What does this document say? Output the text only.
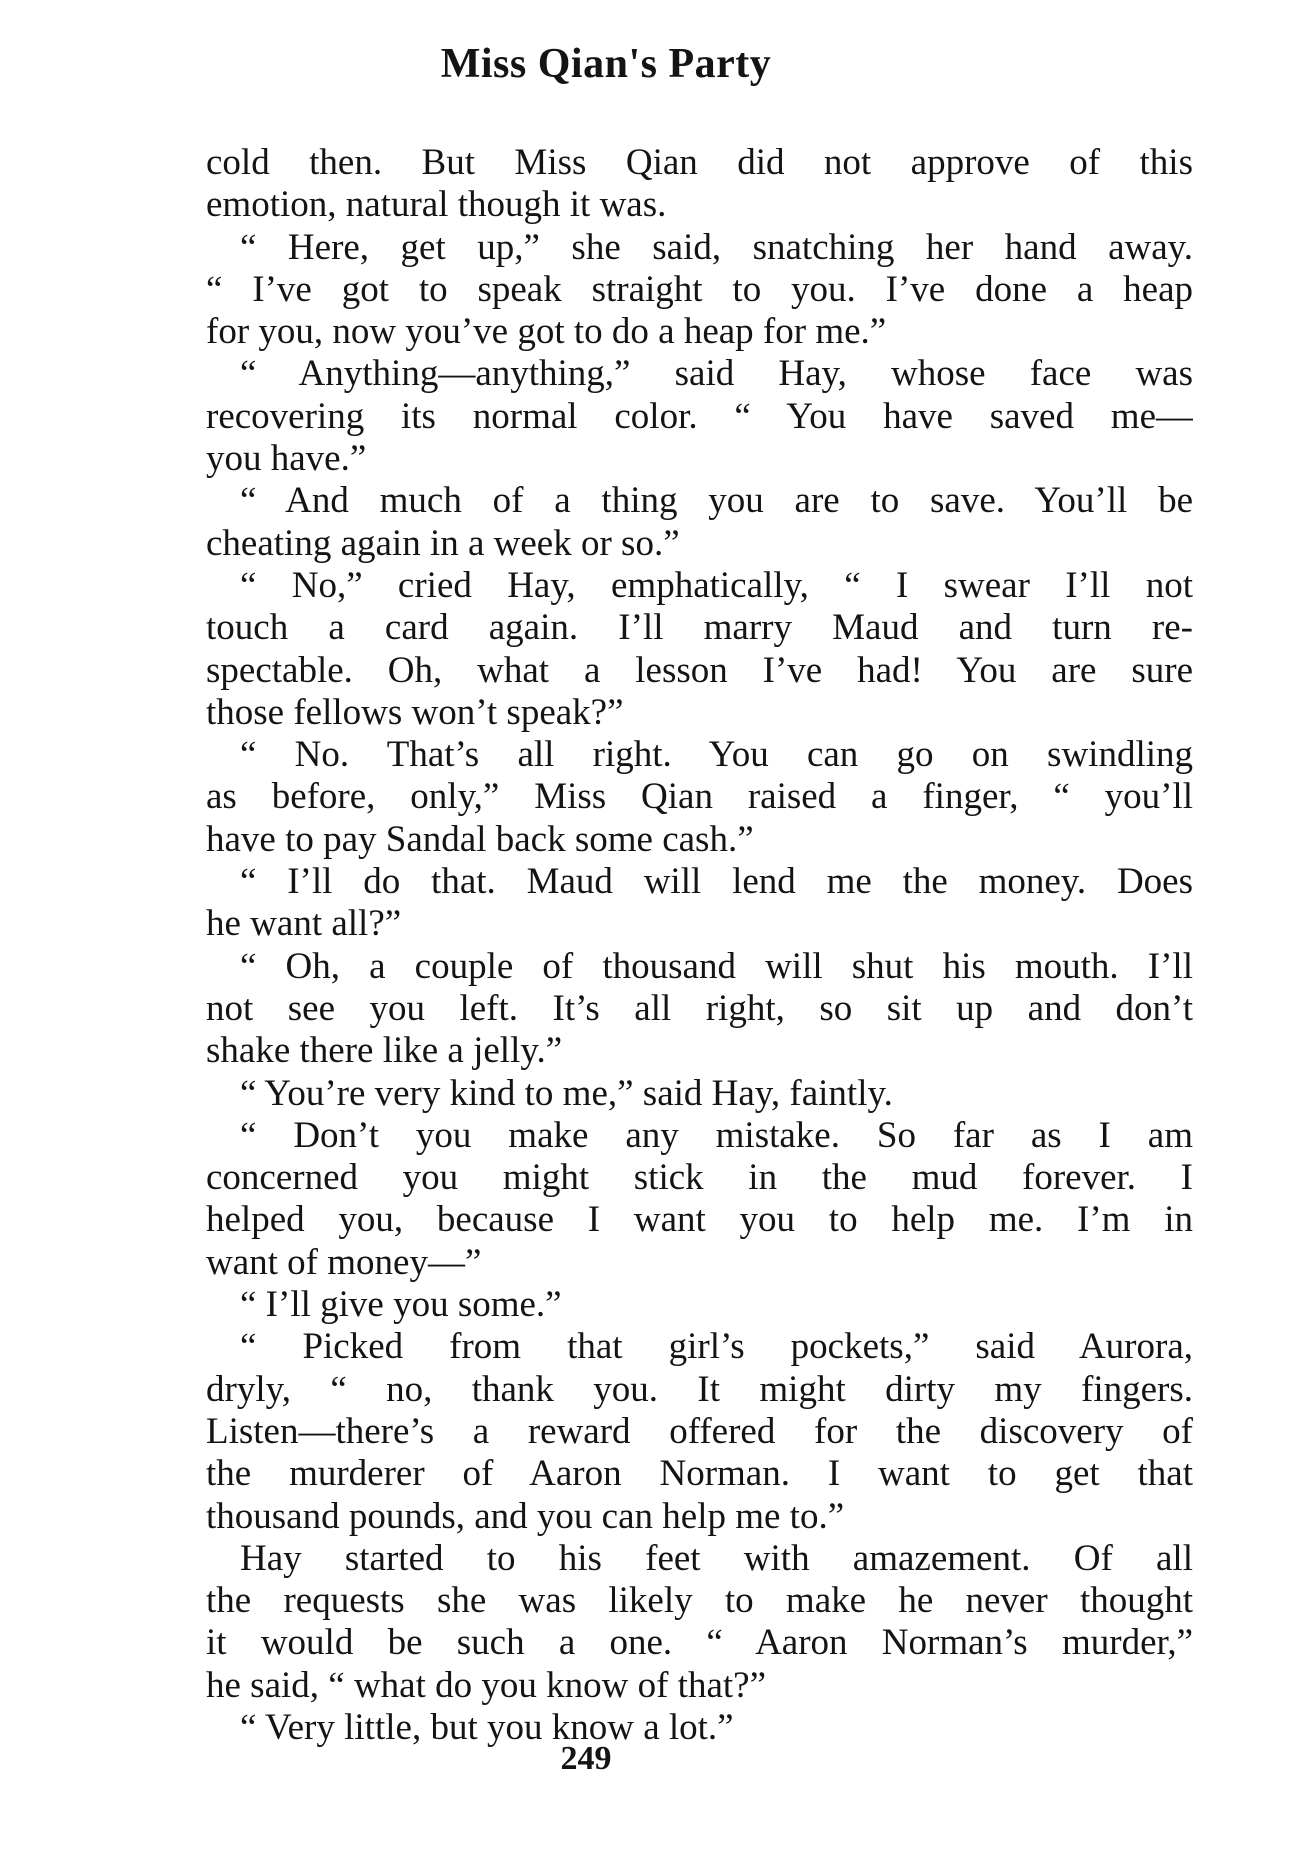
Miss Qian's Party
cold then. But Miss Qian did not approve of this
emotion, natural though it was.
“ Here, get up,” she said, snatching her hand away.
“ I’ve got to speak straight to you. I’ve done a heap
for you, now you’ve got to do a heap for me.”
“ Anything—anything,” said Hay, whose face was
recovering its normal color. “ You have saved me—
you have.”
“ And much of a thing you are to save. You’ll be
cheating again in a week or so.”
“ No,” cried Hay, emphatically, “ I swear I’ll not
touch a card again. I’ll marry Maud and turn re-
spectable. Oh, what a lesson I’ve had! You are sure
those fellows won’t speak?”
“ No. That’s all right. You can go on swindling
as before, only,” Miss Qian raised a finger, “ you’ll
have to pay Sandal back some cash.”
“ I’ll do that. Maud will lend me the money. Does
he want all?”
“ Oh, a couple of thousand will shut his mouth. I’ll
not see you left. It’s all right, so sit up and don’t
shake there like a jelly.”
“ You’re very kind to me,” said Hay, faintly.
“ Don’t you make any mistake. So far as I am
concerned you might stick in the mud forever. I
helped you, because I want you to help me. I’m in
want of money—”
“ I’ll give you some.”
“ Picked from that girl’s pockets,” said Aurora,
dryly, “ no, thank you. It might dirty my fingers.
Listen—there’s a reward offered for the discovery of
the murderer of Aaron Norman. I want to get that
thousand pounds, and you can help me to.”
Hay started to his feet with amazement. Of all
the requests she was likely to make he never thought
it would be such a one. “ Aaron Norman’s murder,”
he said, “ what do you know of that?”
“ Very little, but you know a lot.”
249
